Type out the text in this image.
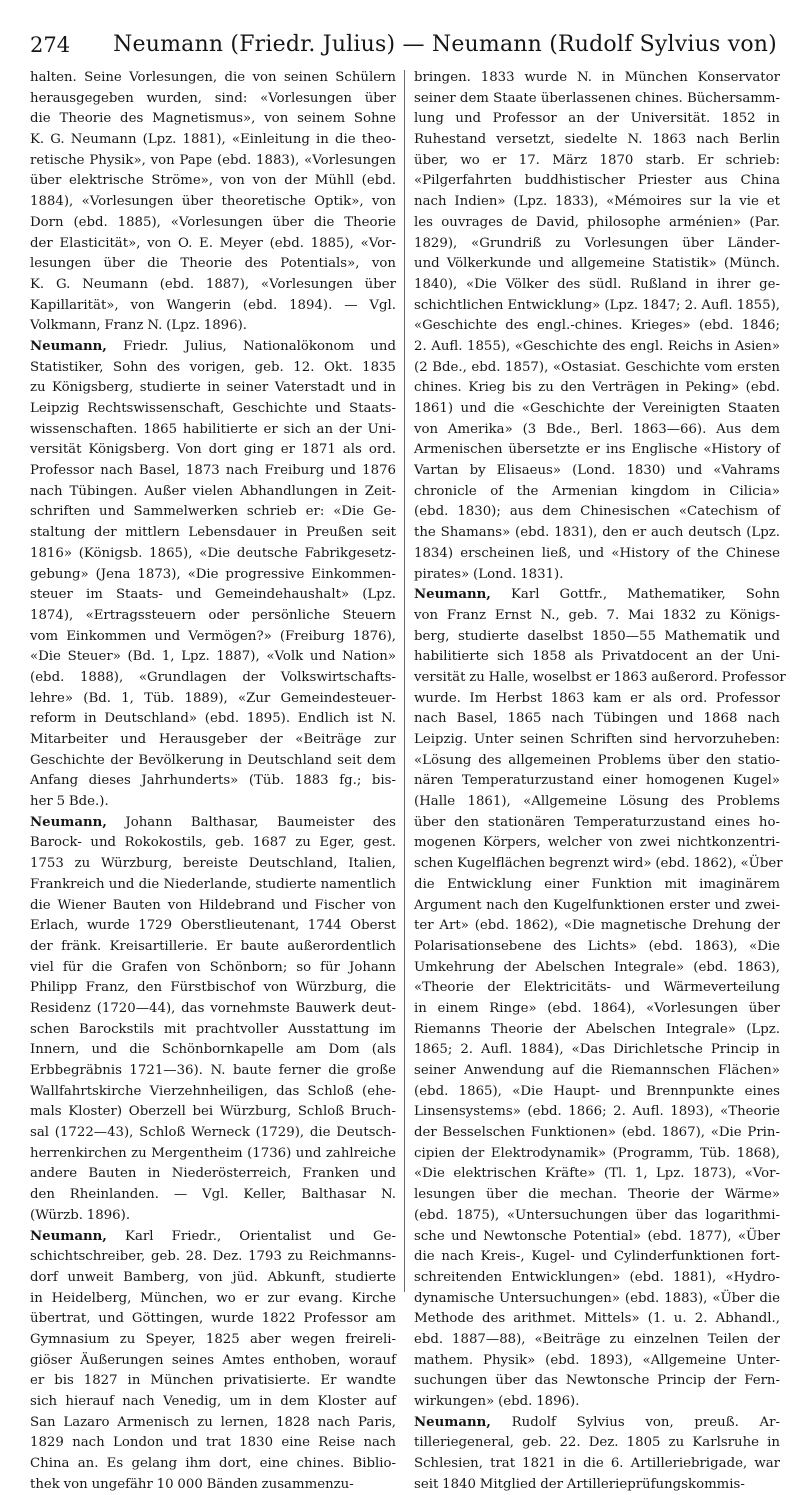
274 Neumann (Friedr. Julius) — Neumann (Rudolf Sylvius von)
halten. Seine Vorlesungen, die von seinen Schülern
herausgegeben wurden, sind: «Vorlesungen über
die Theorie des Magnetismus», von seinem Sohne
K. G. Neumann (Lpz. 1881), «Einleitung in die theo-
retische Physik», von Pape (ebd. 1883), «Vorlesungen
über elektrische Ströme», von von der Mühll (ebd.
1884), «Vorlesungen über theoretische Optik», von
Dorn (ebd. 1885), «Vorlesungen über die Theorie
der Elasticität», von O. E. Meyer (ebd. 1885), «Vor-
lesungen über die Theorie des Potentials», von
K. G. Neumann (ebd. 1887), «Vorlesungen über
Kapillarität», von Wangerin (ebd. 1894). — Vgl.
Volkmann, Franz N. (Lpz. 1896).
Neumann, Friedr. Julius, Nationalökonom und
Statistiker, Sohn des vorigen, geb. 12. Okt. 1835
zu Königsberg, studierte in seiner Vaterstadt und in
Leipzig Rechtswissenschaft, Geschichte und Staats-
wissenschaften. 1865 habilitierte er sich an der Uni-
versität Königsberg. Von dort ging er 1871 als ord.
Professor nach Basel, 1873 nach Freiburg und 1876
nach Tübingen. Außer vielen Abhandlungen in Zeit-
schriften und Sammelwerken schrieb er: «Die Ge-
staltung der mittlern Lebensdauer in Preußen seit
1816» (Königsb. 1865), «Die deutsche Fabrikgesetz-
gebung» (Jena 1873), «Die progressive Einkommen-
steuer im Staats- und Gemeindehaushalt» (Lpz.
1874), «Ertragssteuern oder persönliche Steuern
vom Einkommen und Vermögen?» (Freiburg 1876),
«Die Steuer» (Bd. 1, Lpz. 1887), «Volk und Nation»
(ebd. 1888), «Grundlagen der Volkswirtschafts-
lehre» (Bd. 1, Tüb. 1889), «Zur Gemeindesteuer-
reform in Deutschland» (ebd. 1895). Endlich ist N.
Mitarbeiter und Herausgeber der «Beiträge zur
Geschichte der Bevölkerung in Deutschland seit dem
Anfang dieses Jahrhunderts» (Tüb. 1883 fg.; bis-
her 5 Bde.).
Neumann, Johann Balthasar, Baumeister des
Barock- und Rokokostils, geb. 1687 zu Eger, gest.
1753 zu Würzburg, bereiste Deutschland, Italien,
Frankreich und die Niederlande, studierte namentlich
die Wiener Bauten von Hildebrand und Fischer von
Erlach, wurde 1729 Oberstlieutenant, 1744 Oberst
der fränk. Kreisartillerie. Er baute außerordentlich
viel für die Grafen von Schönborn; so für Johann
Philipp Franz, den Fürstbischof von Würzburg, die
Residenz (1720—44), das vornehmste Bauwerk deut-
schen Barockstils mit prachtvoller Ausstattung im
Innern, und die Schönbornkapelle am Dom (als
Erbbegräbnis 1721—36). N. baute ferner die große
Wallfahrtskirche Vierzehnheiligen, das Schloß (ehe-
mals Kloster) Oberzell bei Würzburg, Schloß Bruch-
sal (1722—43), Schloß Werneck (1729), die Deutsch-
herrenkirchen zu Mergentheim (1736) und zahlreiche
andere Bauten in Niederösterreich, Franken und
den Rheinlanden. — Vgl. Keller, Balthasar N.
(Würzb. 1896).
Neumann, Karl Friedr., Orientalist und Ge-
schichtschreiber, geb. 28. Dez. 1793 zu Reichmanns-
dorf unweit Bamberg, von jüd. Abkunft, studierte
in Heidelberg, München, wo er zur evang. Kirche
übertrat, und Göttingen, wurde 1822 Professor am
Gymnasium zu Speyer, 1825 aber wegen freireli-
giöser Äußerungen seines Amtes enthoben, worauf
er bis 1827 in München privatisierte. Er wandte
sich hierauf nach Venedig, um in dem Kloster auf
San Lazaro Armenisch zu lernen, 1828 nach Paris,
1829 nach London und trat 1830 eine Reise nach
China an. Es gelang ihm dort, eine chines. Biblio-
thek von ungefähr 10 000 Bänden zusammenzu-
bringen. 1833 wurde N. in München Konservator
seiner dem Staate überlassenen chines. Büchersamm-
lung und Professor an der Universität. 1852 in
Ruhestand versetzt, siedelte N. 1863 nach Berlin
über, wo er 17. März 1870 starb. Er schrieb:
«Pilgerfahrten buddhistischer Priester aus China
nach Indien» (Lpz. 1833), «Mémoires sur la vie et
les ouvrages de David, philosophe arménien» (Par.
1829), «Grundriß zu Vorlesungen über Länder-
und Völkerkunde und allgemeine Statistik» (Münch.
1840), «Die Völker des südl. Rußland in ihrer ge-
schichtlichen Entwicklung» (Lpz. 1847; 2. Aufl. 1855),
«Geschichte des engl.-chines. Krieges» (ebd. 1846;
2. Aufl. 1855), «Geschichte des engl. Reichs in Asien»
(2 Bde., ebd. 1857), «Ostasiat. Geschichte vom ersten
chines. Krieg bis zu den Verträgen in Peking» (ebd.
1861) und die «Geschichte der Vereinigten Staaten
von Amerika» (3 Bde., Berl. 1863—66). Aus dem
Armenischen übersetzte er ins Englische «History of
Vartan by Elisaeus» (Lond. 1830) und «Vahrams
chronicle of the Armenian kingdom in Cilicia»
(ebd. 1830); aus dem Chinesischen «Catechism of
the Shamans» (ebd. 1831), den er auch deutsch (Lpz.
1834) erscheinen ließ, und «History of the Chinese
pirates» (Lond. 1831).
Neumann, Karl Gottfr., Mathematiker, Sohn
von Franz Ernst N., geb. 7. Mai 1832 zu Königs-
berg, studierte daselbst 1850—55 Mathematik und
habilitierte sich 1858 als Privatdocent an der Uni-
versität zu Halle, woselbst er 1863 außerord. Professor
wurde. Im Herbst 1863 kam er als ord. Professor
nach Basel, 1865 nach Tübingen und 1868 nach
Leipzig. Unter seinen Schriften sind hervorzuheben:
«Lösung des allgemeinen Problems über den statio-
nären Temperaturzustand einer homogenen Kugel»
(Halle 1861), «Allgemeine Lösung des Problems
über den stationären Temperaturzustand eines ho-
mogenen Körpers, welcher von zwei nichtkonzentri-
schen Kugelflächen begrenzt wird» (ebd. 1862), «Über
die Entwicklung einer Funktion mit imaginärem
Argument nach den Kugelfunktionen erster und zwei-
ter Art» (ebd. 1862), «Die magnetische Drehung der
Polarisationsebene des Lichts» (ebd. 1863), «Die
Umkehrung der Abelschen Integrale» (ebd. 1863),
«Theorie der Elektricitäts- und Wärmeverteilung
in einem Ringe» (ebd. 1864), «Vorlesungen über
Riemanns Theorie der Abelschen Integrale» (Lpz.
1865; 2. Aufl. 1884), «Das Dirichletsche Princip in
seiner Anwendung auf die Riemannschen Flächen»
(ebd. 1865), «Die Haupt- und Brennpunkte eines
Linsensystems» (ebd. 1866; 2. Aufl. 1893), «Theorie
der Besselschen Funktionen» (ebd. 1867), «Die Prin-
cipien der Elektrodynamik» (Programm, Tüb. 1868),
«Die elektrischen Kräfte» (Tl. 1, Lpz. 1873), «Vor-
lesungen über die mechan. Theorie der Wärme»
(ebd. 1875), «Untersuchungen über das logarithmi-
sche und Newtonsche Potential» (ebd. 1877), «Über
die nach Kreis-, Kugel- und Cylinderfunktionen fort-
schreitenden Entwicklungen» (ebd. 1881), «Hydro-
dynamische Untersuchungen» (ebd. 1883), «Über die
Methode des arithmet. Mittels» (1. u. 2. Abhandl.,
ebd. 1887—88), «Beiträge zu einzelnen Teilen der
mathem. Physik» (ebd. 1893), «Allgemeine Unter-
suchungen über das Newtonsche Princip der Fern-
wirkungen» (ebd. 1896).
Neumann, Rudolf Sylvius von, preuß. Ar-
tilleriegeneral, geb. 22. Dez. 1805 zu Karlsruhe in
Schlesien, trat 1821 in die 6. Artilleriebrigade, war
seit 1840 Mitglied der Artillerieprüfungskommis-
